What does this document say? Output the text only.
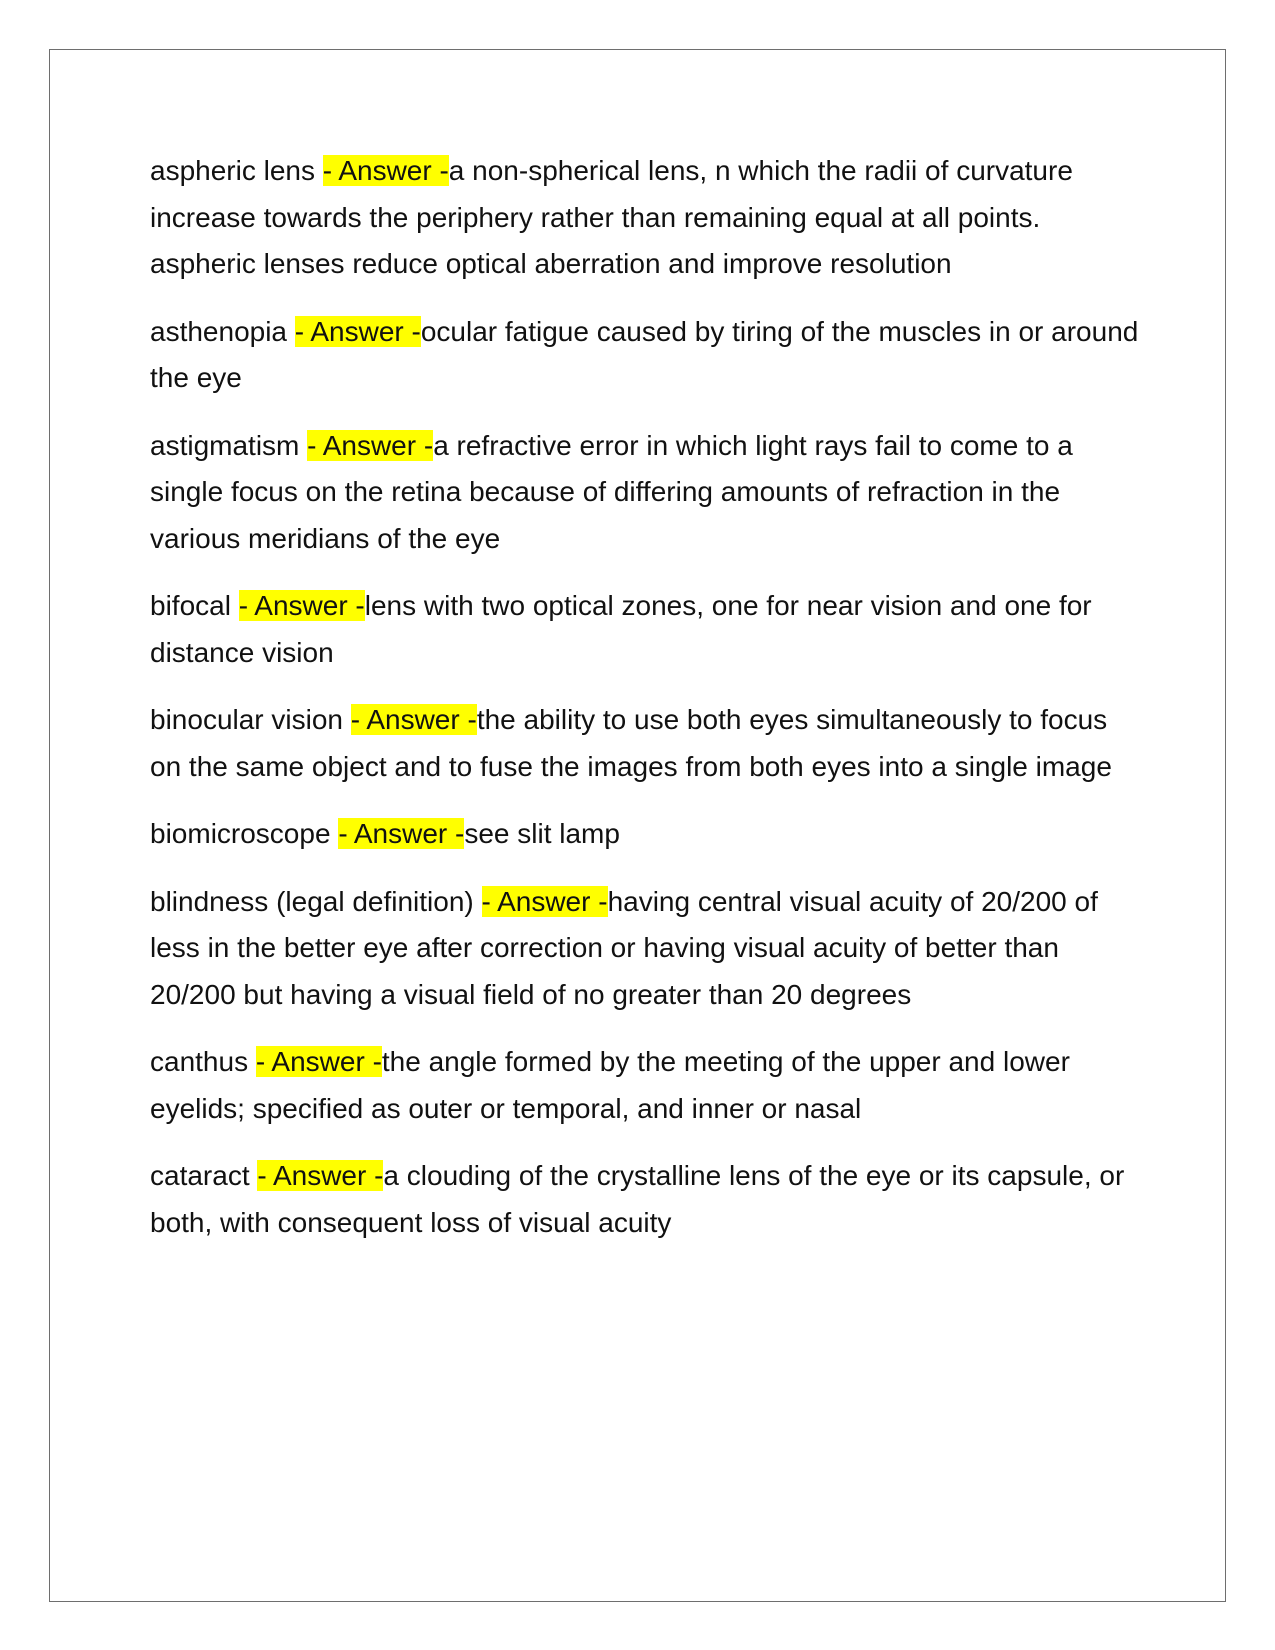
aspheric lens - Answer -a non-spherical lens, n which the radii of curvature increase towards the periphery rather than remaining equal at all points. aspheric lenses reduce optical aberration and improve resolution

asthenopia - Answer -ocular fatigue caused by tiring of the muscles in or around the eye

astigmatism - Answer -a refractive error in which light rays fail to come to a single focus on the retina because of differing amounts of refraction in the various meridians of the eye

bifocal - Answer -lens with two optical zones, one for near vision and one for distance vision

binocular vision - Answer -the ability to use both eyes simultaneously to focus on the same object and to fuse the images from both eyes into a single image

biomicroscope - Answer -see slit lamp

blindness (legal definition) - Answer -having central visual acuity of 20/200 of less in the better eye after correction or having visual acuity of better than 20/200 but having a visual field of no greater than 20 degrees

canthus - Answer -the angle formed by the meeting of the upper and lower eyelids; specified as outer or temporal, and inner or nasal

cataract - Answer -a clouding of the crystalline lens of the eye or its capsule, or both, with consequent loss of visual acuity
